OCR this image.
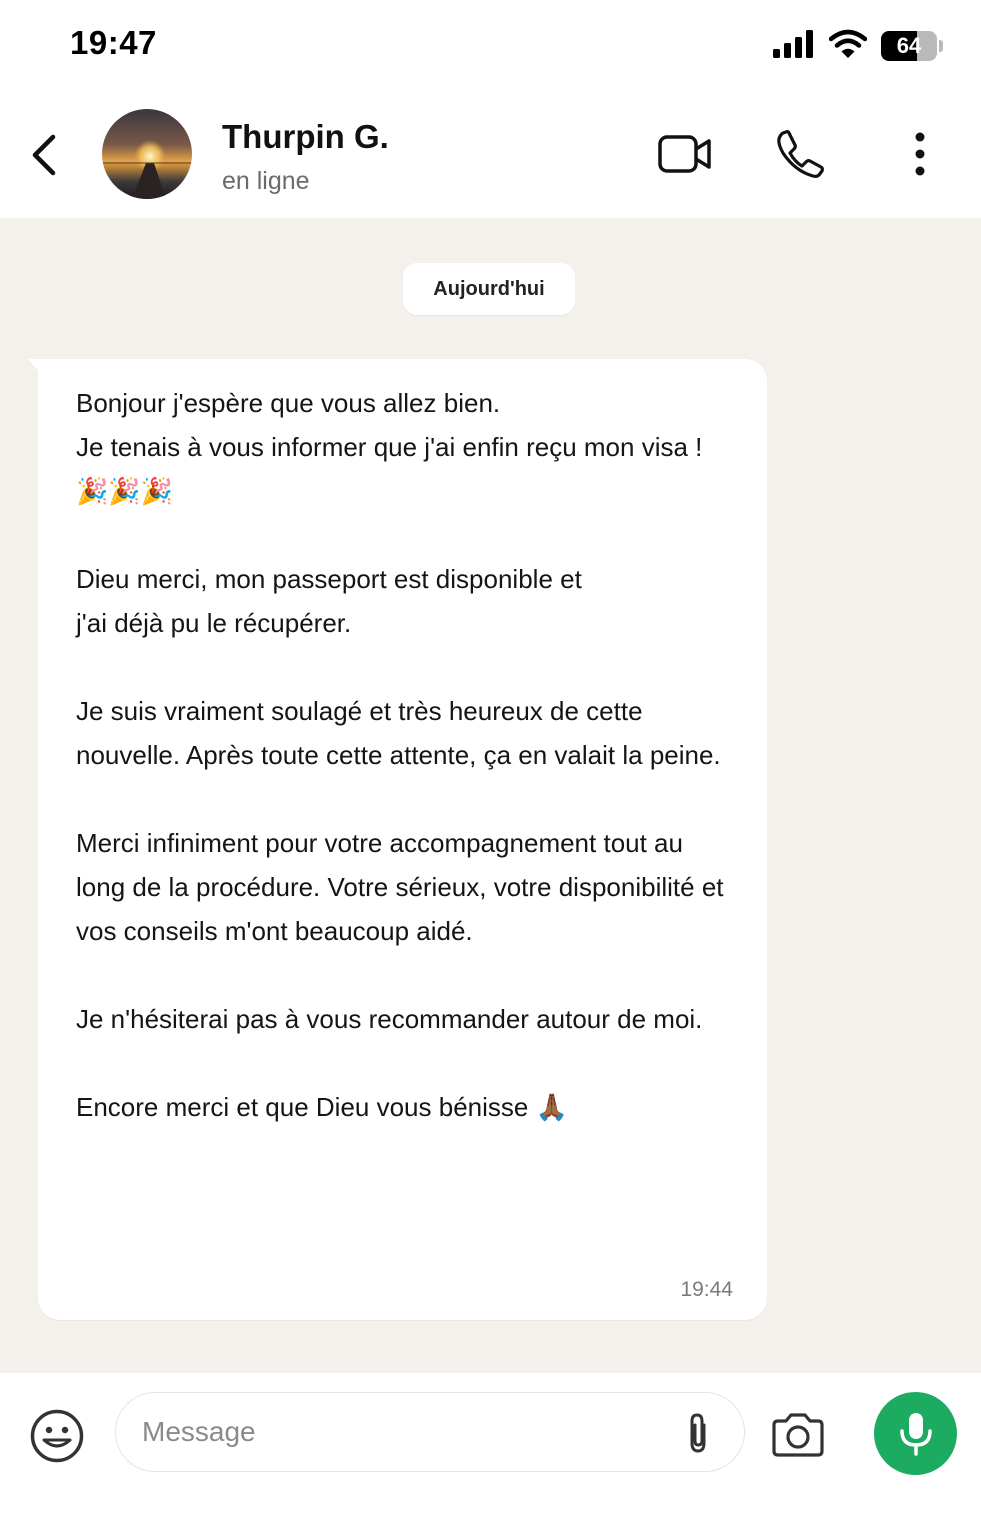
19:47	64
Thurpin G.
en ligne
Aujourd'hui

Bonjour j'espère que vous allez bien.
Je tenais à vous informer que j'ai enfin reçu mon visa ! 🎉🎉🎉

Dieu merci, mon passeport est disponible et
j'ai déjà pu le récupérer.

Je suis vraiment soulagé et très heureux de cette nouvelle. Après toute cette attente, ça en valait la peine.

Merci infiniment pour votre accompagnement tout au long de la procédure. Votre sérieux, votre disponibilité et vos conseils m'ont beaucoup aidé.

Je n'hésiterai pas à vous recommander autour de moi.

Encore merci et que Dieu vous bénisse 🙏🏾

19:44
Message
